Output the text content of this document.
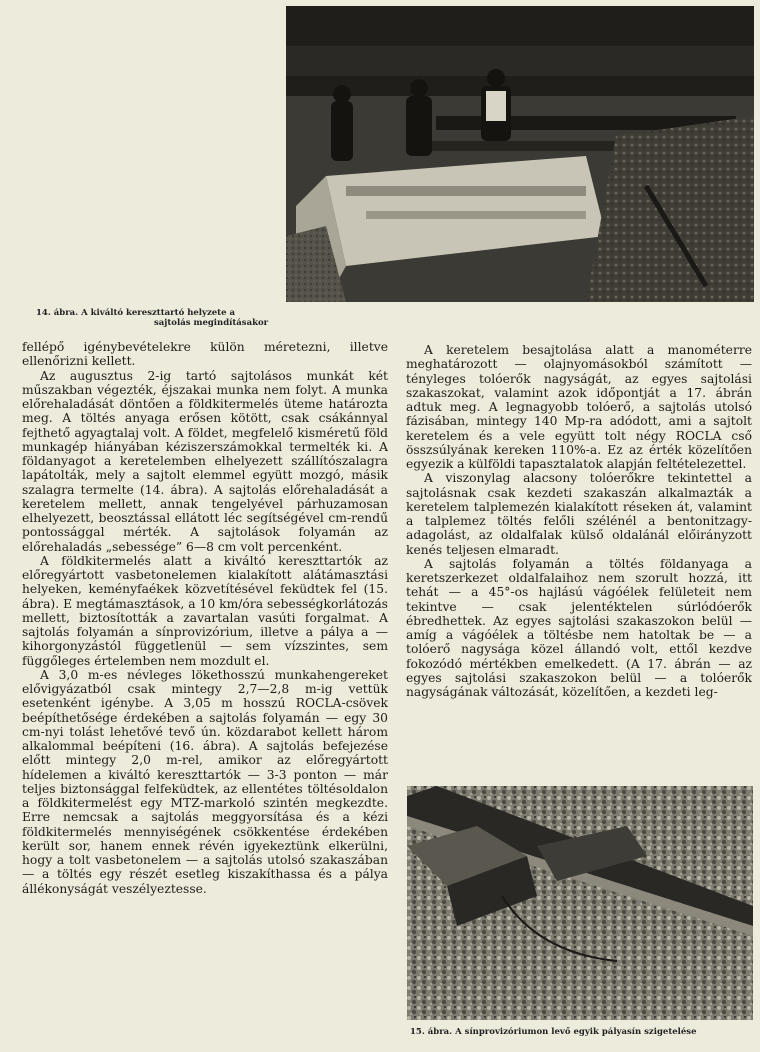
14. ábra. A kiváltó kereszttartó helyzete a
sajtolás megindításakor
15. ábra. A sínprovizóriumon levő egyik pályasín szigetelése

fellépő igénybevételekre külön méretezni, illetve ellenőrizni kellett.

Az augusztus 2-ig tartó sajtolásos munkát két műszakban végezték, éjszakai munka nem folyt. A munka előrehaladását döntően a földkitermelés üteme határozta meg. A töltés anyaga erősen kötött, csak csákánnyal fejthető agyagtalaj volt. A földet, megfelelő kisméretű föld munkagép hiányában kéziszerszámokkal termelték ki. A földanyagot a keretelemben elhelyezett szállítószalagra lapátolták, mely a sajtolt elemmel együtt mozgó, másik szalagra termelte (14. ábra). A sajtolás előrehaladását a keretelem mellett, annak tengelyével párhuzamosan elhelyezett, beosztással ellátott léc segítségével cm-rendű pontossággal mérték. A sajtolások folyamán az előrehaladás „sebessége” 6—8 cm volt percenként.

A földkitermelés alatt a kiváltó kereszttartók az előregyártott vasbetonelemen kialakított alátámasztási helyeken, keményfaékek közvetítésével feküdtek fel (15. ábra). E megtámasztások, a 10 km/óra sebességkorlátozás mellett, biztosították a zavartalan vasúti forgalmat. A sajtolás folyamán a sínprovizórium, illetve a pálya a — kihorgonyzástól függetlenül — sem vízszintes, sem függőleges értelemben nem mozdult el.

A 3,0 m-es névleges lökethosszú munkahengereket elővigyázatból csak mintegy 2,7—2,8 m-ig vettük esetenként igénybe. A 3,05 m hosszú ROCLA-csövek beépíthetősége érdekében a sajtolás folyamán — egy 30 cm-nyi tolást lehetővé tevő ún. közdarabot kellett három alkalommal beépíteni (16. ábra). A sajtolás befejezése előtt mintegy 2,0 m-rel, amikor az előregyártott hídelemen a kiváltó kereszttartók — 3-3 ponton — már teljes biztonsággal felfeküdtek, az ellentétes töltésoldalon a földkitermelést egy MTZ-markoló szintén megkezdte. Erre nemcsak a sajtolás meggyorsítása és a kézi földkitermelés mennyiségének csökkentése érdekében került sor, hanem ennek révén igyekeztünk elkerülni, hogy a tolt vasbetonelem — a sajtolás utolsó szakaszában — a töltés egy részét esetleg kiszakíthassa és a pálya állékonyságát veszélyeztesse.

A keretelem besajtolása alatt a manométerre meghatározott — olajnyomásokból számított — tényleges tolóerők nagyságát, az egyes sajtolási szakaszokat, valamint azok időpontját a 17. ábrán adtuk meg. A legnagyobb tolóerő, a sajtolás utolsó fázisában, mintegy 140 Mp-ra adódott, ami a sajtolt keretelem és a vele együtt tolt négy ROCLA cső összsúlyának kereken 110%-a. Ez az érték közelítően egyezik a külföldi tapasztalatok alapján feltételezettel.

A viszonylag alacsony tolóerőkre tekintettel a sajtolásnak csak kezdeti szakaszán alkalmazták a keretelem talplemezén kialakított réseken át, valamint a talplemez töltés felőli szélénél a bentonitzagy-adagolást, az oldalfalak külső oldalánál előirányzott kenés teljesen elmaradt.

A sajtolás folyamán a töltés földanyaga a keretszerkezet oldalfalaihoz nem szorult hozzá, itt tehát — a 45°-os hajlású vágóélek felületeit nem tekintve — csak jelentéktelen súrlódóerők ébredhettek. Az egyes sajtolási szakaszokon belül — amíg a vágóélek a töltésbe nem hatoltak be — a tolóerő nagysága közel állandó volt, ettől kezdve fokozódó mértékben emelkedett. (A 17. ábrán — az egyes sajtolási szakaszokon belül — a tolóerők nagyságának változását, közelítően, a kezdeti leg-
